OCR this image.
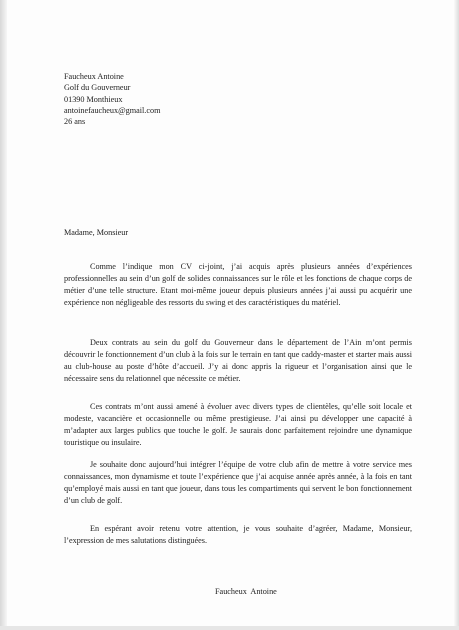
Faucheux Antoine
Golf du Gouverneur
01390 Monthieux
antoinefaucheux@gmail.com
26 ans
Madame, Monsieur
Comme l’indique mon CV ci-joint, j’ai acquis après plusieurs années d’expériences professionnelles au sein d’un golf de solides connaissances sur le rôle et les fonctions de chaque corps de métier d’une telle structure. Etant moi-même joueur depuis plusieurs années j’ai aussi pu acquérir une expérience non négligeable des ressorts du swing et des caractéristiques du matériel.
Deux contrats au sein du golf du Gouverneur dans le département de l’Ain m’ont permis découvrir le fonctionnement d’un club à la fois sur le terrain en tant que caddy-master et starter mais aussi au club-house au poste d’hôte d’accueil. J’y ai donc appris la rigueur et l’organisation ainsi que le nécessaire sens du relationnel que nécessite ce métier.
Ces contrats m’ont aussi amené à évoluer avec divers types de clientèles, qu’elle soit locale et modeste, vacancière et occasionnelle ou même prestigieuse. J’ai ainsi pu développer une capacité à m’adapter aux larges publics que touche le golf. Je saurais donc parfaitement rejoindre une dynamique touristique ou insulaire.
Je souhaite donc aujourd’hui intégrer l’équipe de votre club afin de mettre à votre service mes connaissances, mon dynamisme et toute l’expérience que j’ai acquise année après année, à la fois en tant qu’employé mais aussi en tant que joueur, dans tous les compartiments qui servent le bon fonctionnement d’un club de golf.
En espérant avoir retenu votre attention, je vous souhaite d’agréer, Madame, Monsieur, l’expression de mes salutations distinguées.
Faucheux Antoine
